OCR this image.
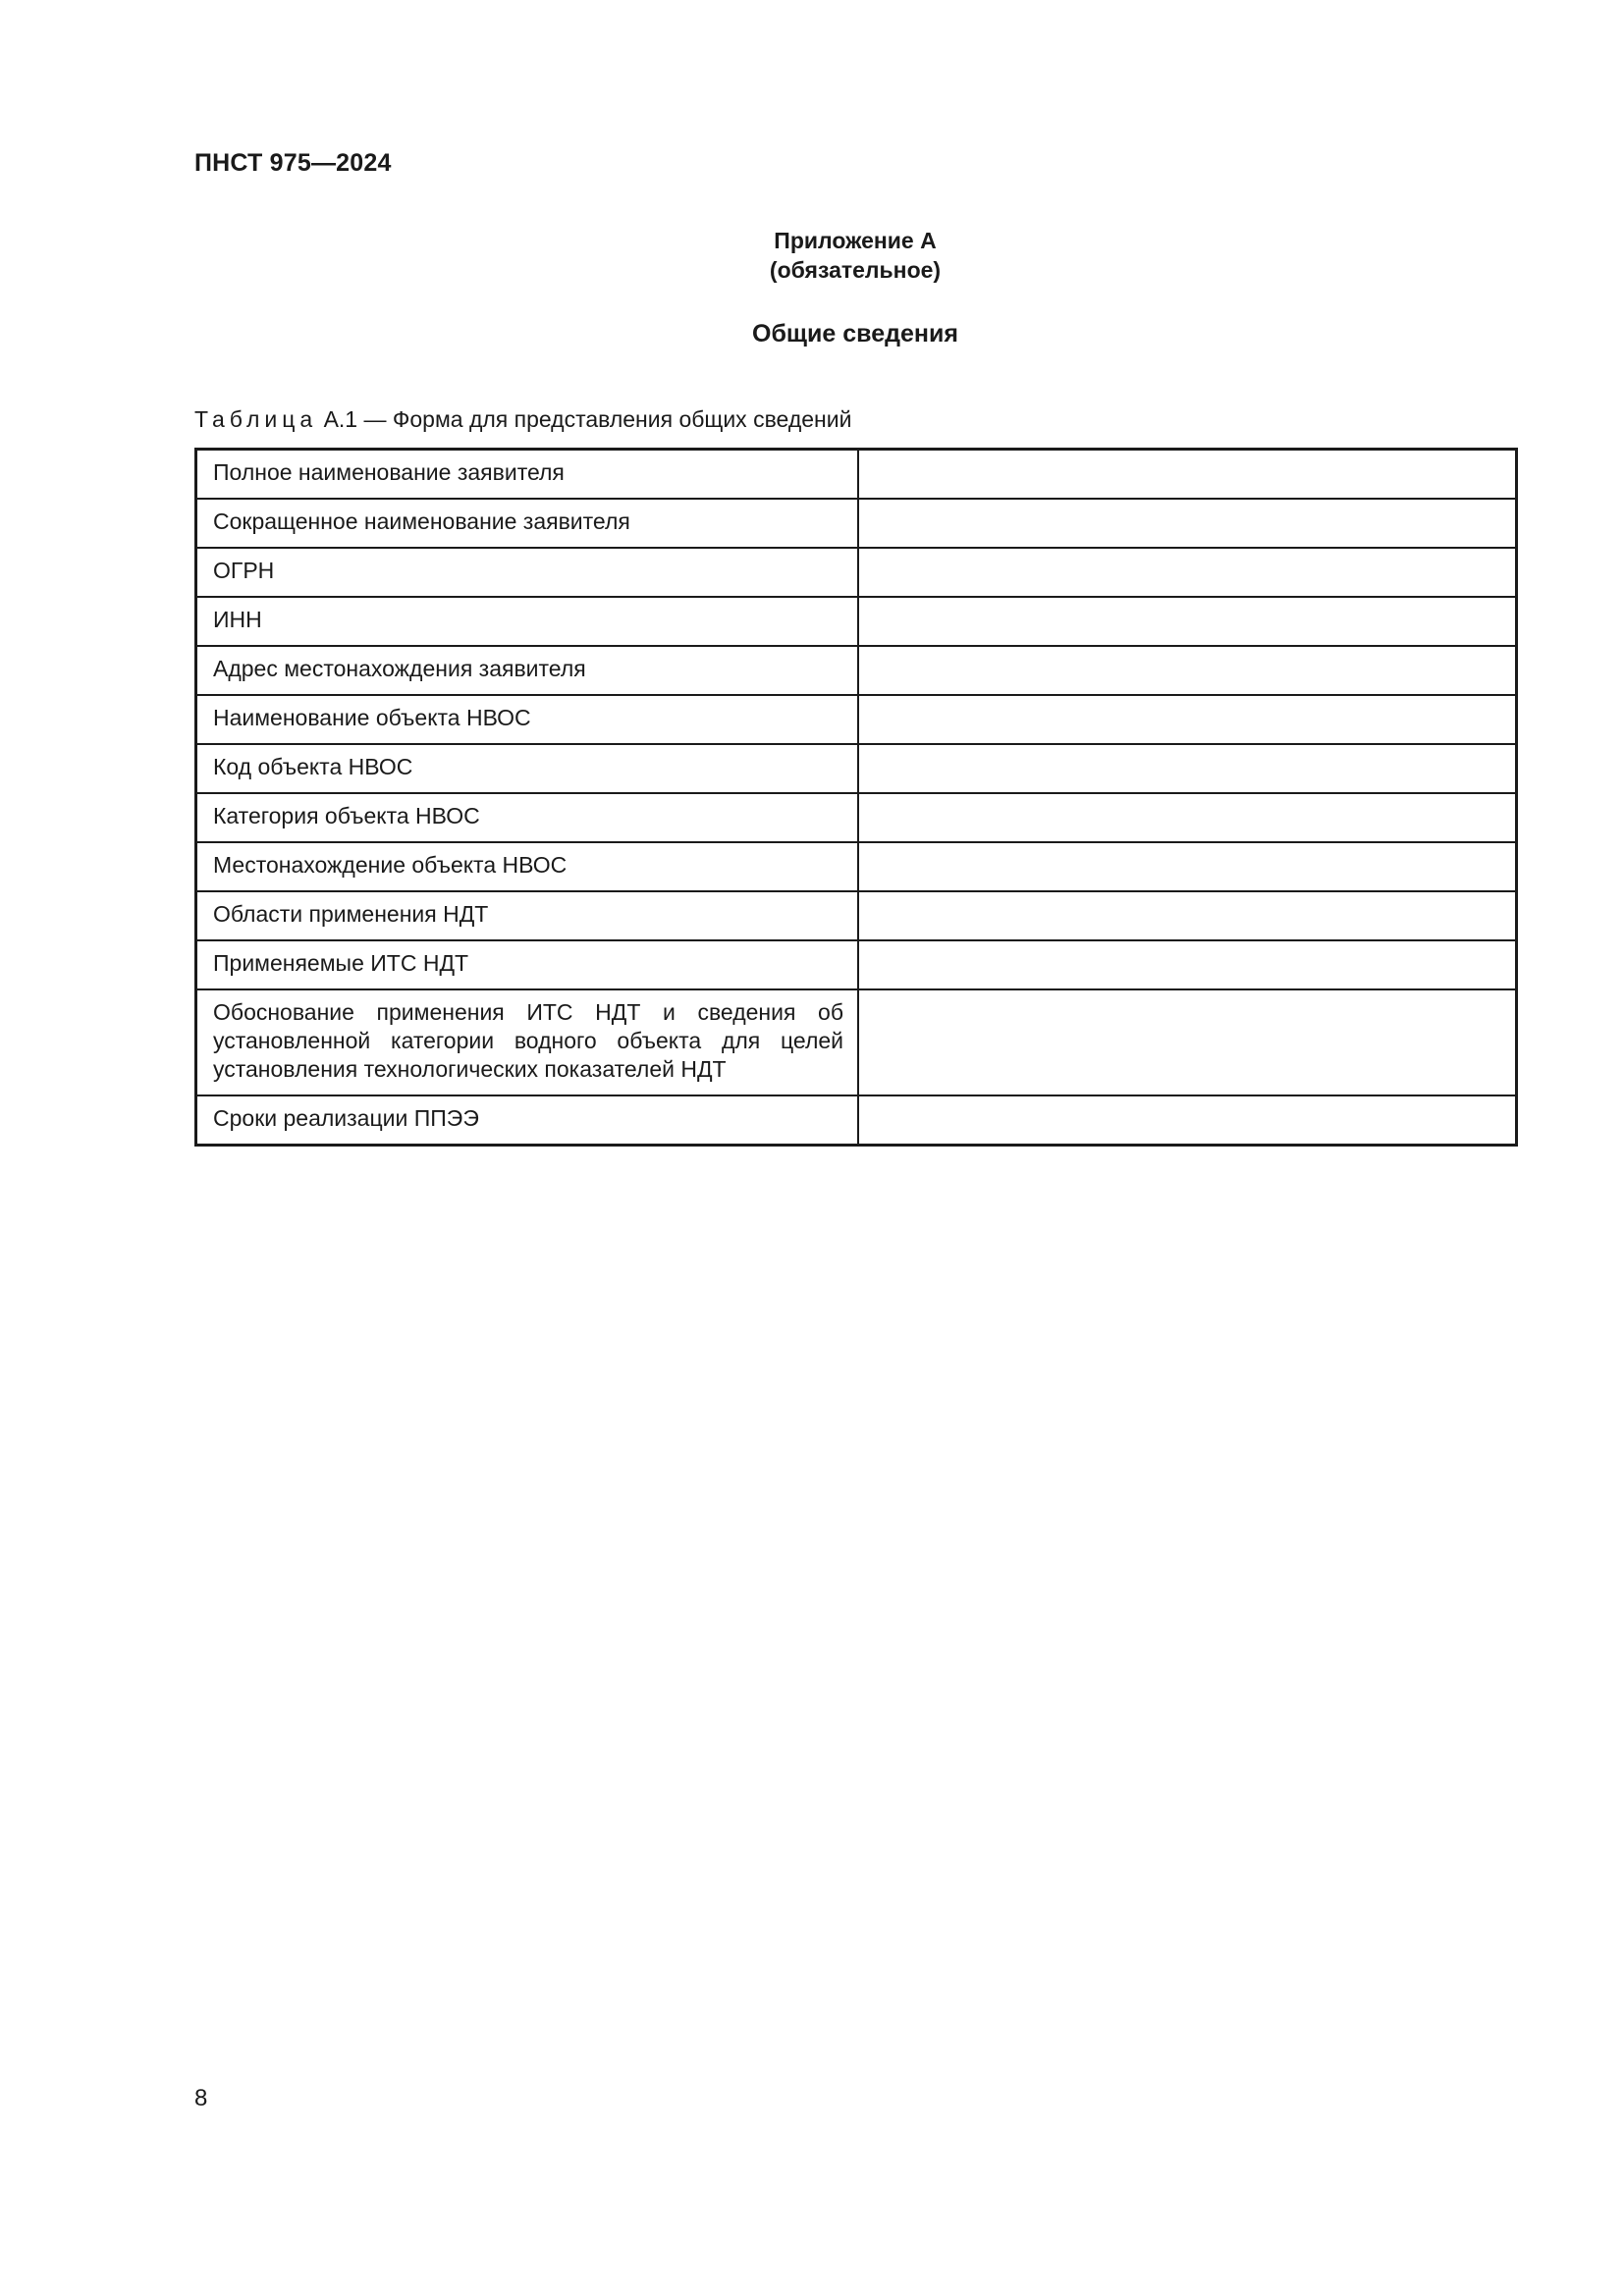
ПНСТ 975—2024
Приложение А
(обязательное)
Общие сведения
Таблица А.1 — Форма для представления общих сведений
Полное наименование заявителя	
Сокращенное наименование заявителя	
ОГРН	
ИНН	
Адрес местонахождения заявителя	
Наименование объекта НВОС	
Код объекта НВОС	
Категория объекта НВОС	
Местонахождение объекта НВОС	
Области применения НДТ	
Применяемые ИТС НДТ	
Обоснование применения ИТС НДТ и сведения об установленной категории водного объекта для целей установления технологических показателей НДТ	
Сроки реализации ППЭЭ	
8
